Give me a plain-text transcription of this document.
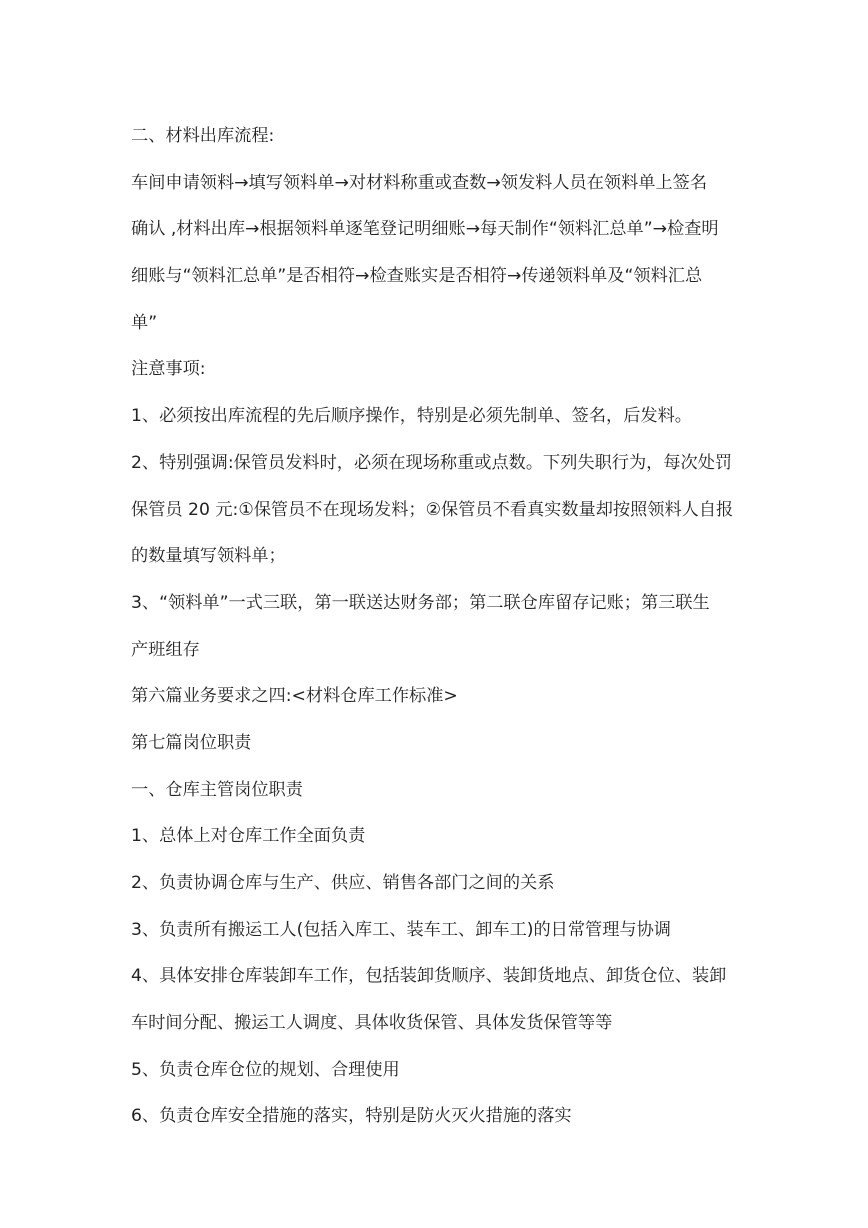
二、材料出库流程:
车间申请领料→填写领料单→对材料称重或查数→领发料人员在领料单上签名
确认 ,材料出库→根据领料单逐笔登记明细账→每天制作“领料汇总单”→检查明
细账与“领料汇总单”是否相符→检查账实是否相符→传递领料单及“领料汇总
单”
注意事项:
1、必须按出库流程的先后顺序操作，特别是必须先制单、签名，后发料。
2、特别强调:保管员发料时，必须在现场称重或点数。下列失职行为，每次处罚
保管员 20 元:①保管员不在现场发料；②保管员不看真实数量却按照领料人自报
的数量填写领料单；
3、“领料单”一式三联，第一联送达财务部；第二联仓库留存记账；第三联生
产班组存
第六篇业务要求之四:<材料仓库工作标准>
第七篇岗位职责
一、仓库主管岗位职责
1、总体上对仓库工作全面负责
2、负责协调仓库与生产、供应、销售各部门之间的关系
3、负责所有搬运工人(包括入库工、装车工、卸车工)的日常管理与协调
4、具体安排仓库装卸车工作，包括装卸货顺序、装卸货地点、卸货仓位、装卸
车时间分配、搬运工人调度、具体收货保管、具体发货保管等等
5、负责仓库仓位的规划、合理使用
6、负责仓库安全措施的落实，特别是防火灭火措施的落实
